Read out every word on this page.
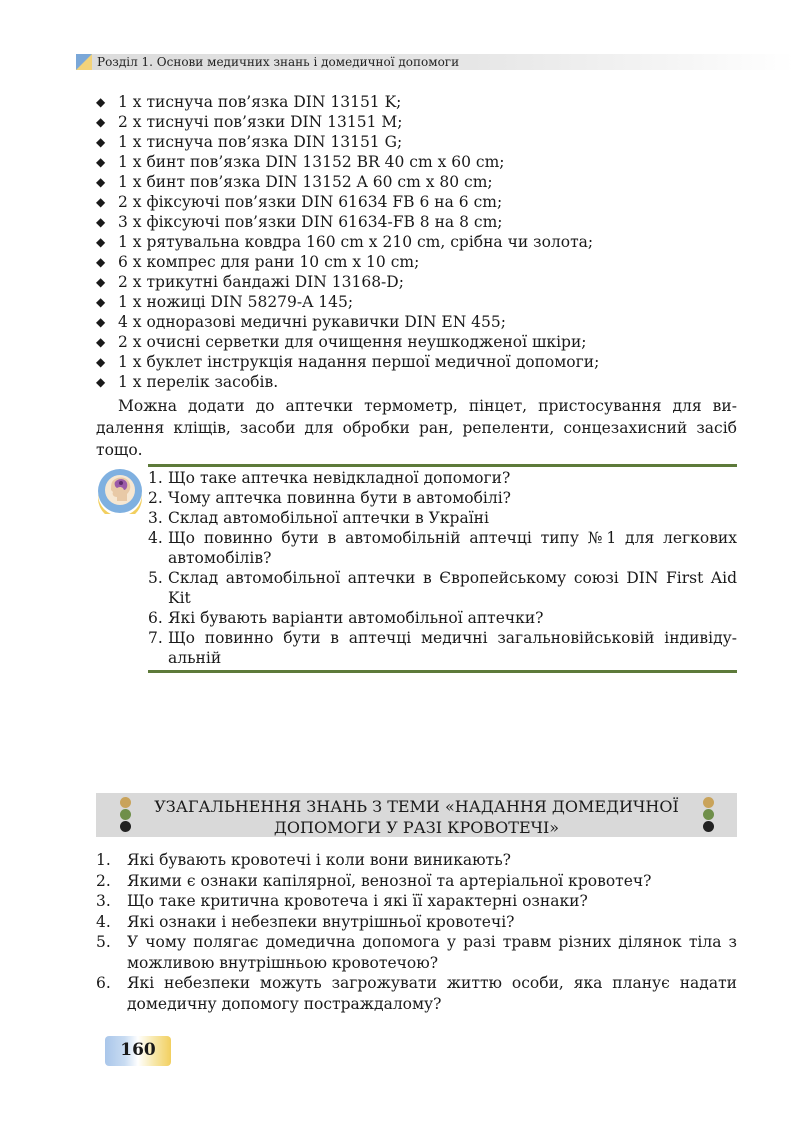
Розділ 1. Основи медичних знань і домедичної допомоги
◆ 1 x тиснуча пов’язка DIN 13151 K;
◆ 2 x тиснучі пов’язки DIN 13151 M;
◆ 1 x тиснуча пов’язка DIN 13151 G;
◆ 1 x бинт пов’язка DIN 13152 BR 40 cm x 60 cm;
◆ 1 x бинт пов’язка DIN 13152 A 60 cm x 80 cm;
◆ 2 x фіксуючі пов’язки DIN 61634 FB 6 на 6 cm;
◆ 3 x фіксуючі пов’язки DIN 61634-FB 8 на 8 cm;
◆ 1 x рятувальна ковдра 160 cm x 210 cm, срібна чи золота;
◆ 6 x компрес для рани 10 cm x 10 cm;
◆ 2 x трикутні бандажі DIN 13168-D;
◆ 1 x ножиці DIN 58279-A 145;
◆ 4 x одноразові медичні рукавички DIN EN 455;
◆ 2 x очисні серветки для очищення неушкодженої шкіри;
◆ 1 x буклет інструкція надання першої медичної допомоги;
◆ 1 x перелік засобів.

Можна додати до аптечки термометр, пінцет, пристосування для видалення кліщів, засоби для обробки ран, репеленти, сонцезахисний засіб тощо.

1. Що таке аптечка невідкладної допомоги?
2. Чому аптечка повинна бути в автомобілі?
3. Склад автомобільної аптечки в Україні
4. Що повинно бути в автомобільній аптечці типу №1 для легкових автомобілів?
5. Склад автомобільної аптечки в Європейському союзі DIN First Aid Kit
6. Які бувають варіанти автомобільної аптечки?
7. Що повинно бути в аптечці медичні загальновійськовій індивідуальній
УЗАГАЛЬНЕННЯ ЗНАНЬ З ТЕМИ «НАДАННЯ ДОМЕДИЧНОЇ ДОПОМОГИ У РАЗІ КРОВОТЕЧІ»
1.	Які бувають кровотечі і коли вони виникають?
2.	Якими є ознаки капілярної, венозної та артеріальної кровотеч?
3.	Що таке критична кровотеча і які її характерні ознаки?
4.	Які ознаки і небезпеки внутрішньої кровотечі?
5.	У чому полягає домедична допомога у разі травм різних ділянок тіла з можливою внутрішньою кровотечою?
6.	Які небезпеки можуть загрожувати життю особи, яка планує надати домедичну допомогу постраждалому?
160
